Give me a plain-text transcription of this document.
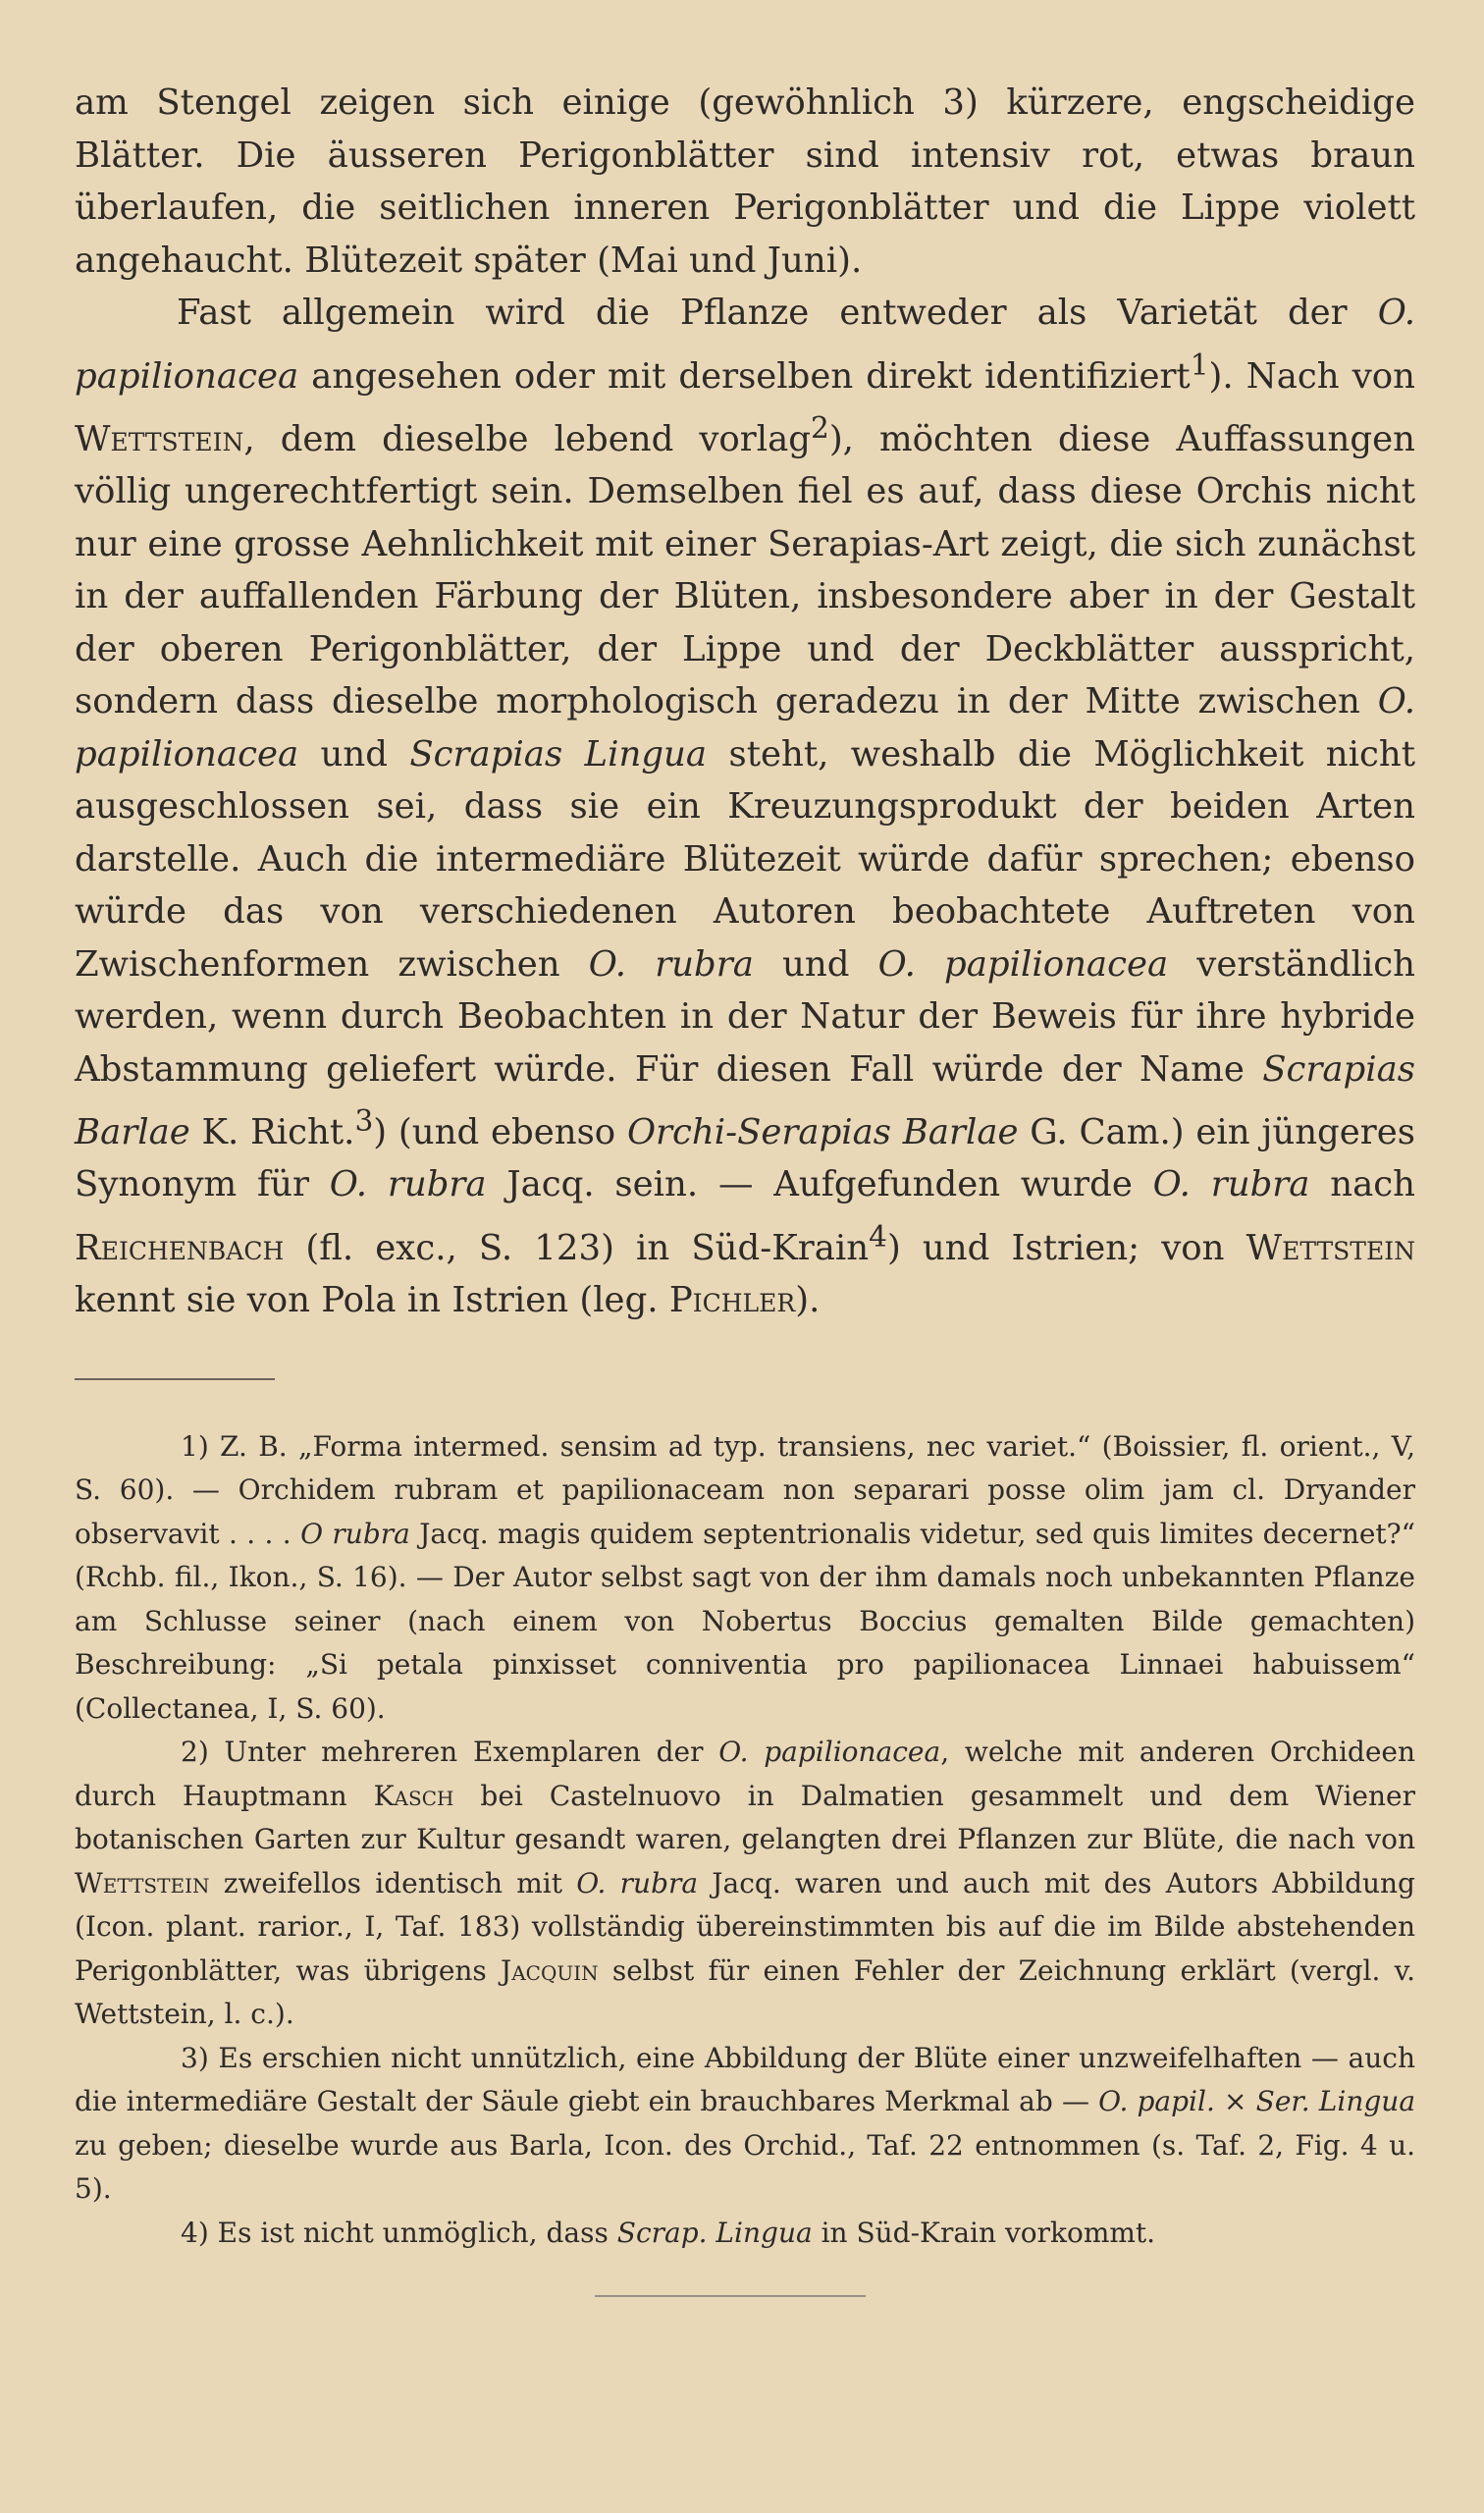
am Stengel zeigen sich einige (gewöhnlich 3) kürzere, engscheidige Blätter. Die äusseren Perigonblätter sind intensiv rot, etwas braun überlaufen, die seitlichen inneren Perigonblätter und die Lippe violett angehaucht. Blütezeit später (Mai und Juni).

Fast allgemein wird die Pflanze entweder als Varietät der O. papilionacea angesehen oder mit derselben direkt identifiziert$^1$). Nach von Wettstein, dem dieselbe lebend vorlag$^2$), möchten diese Auffassungen völlig ungerechtfertigt sein. Demselben fiel es auf, dass diese Orchis nicht nur eine grosse Aehnlichkeit mit einer Serapias-Art zeigt, die sich zunächst in der auffallenden Färbung der Blüten, insbesondere aber in der Gestalt der oberen Perigonblätter, der Lippe und der Deckblätter ausspricht, sondern dass dieselbe morphologisch geradezu in der Mitte zwischen O. papilionacea und Scrapias Lingua steht, weshalb die Möglichkeit nicht ausgeschlossen sei, dass sie ein Kreuzungsprodukt der beiden Arten darstelle. Auch die intermediäre Blütezeit würde dafür sprechen; ebenso würde das von verschiedenen Autoren beobachtete Auftreten von Zwischenformen zwischen O. rubra und O. papilionacea verständlich werden, wenn durch Beobachten in der Natur der Beweis für ihre hybride Abstammung geliefert würde. Für diesen Fall würde der Name Scrapias Barlae K. Richt.$^3$) (und ebenso Orchi-Serapias Barlae G. Cam.) ein jüngeres Synonym für O. rubra Jacq. sein. — Aufgefunden wurde O. rubra nach Reichenbach (fl. exc., S. 123) in Süd-Krain$^4$) und Istrien; von Wettstein kennt sie von Pola in Istrien (leg. Pichler).

1) Z. B. „Forma intermed. sensim ad typ. transiens, nec variet.“ (Boissier, fl. orient., V, S. 60). — Orchidem rubram et papilionaceam non separari posse olim jam cl. Dryander observavit . . . . O rubra Jacq. magis quidem septentrionalis videtur, sed quis limites decernet?“ (Rchb. fil., Ikon., S. 16). — Der Autor selbst sagt von der ihm damals noch unbekannten Pflanze am Schlusse seiner (nach einem von Nobertus Boccius gemalten Bilde gemachten) Beschreibung: „Si petala pinxisset conniventia pro papilionacea Linnaei habuissem“ (Collectanea, I, S. 60).

2) Unter mehreren Exemplaren der O. papilionacea, welche mit anderen Orchideen durch Hauptmann Kasch bei Castelnuovo in Dalmatien gesammelt und dem Wiener botanischen Garten zur Kultur gesandt waren, gelangten drei Pflanzen zur Blüte, die nach von Wettstein zweifellos identisch mit O. rubra Jacq. waren und auch mit des Autors Abbildung (Icon. plant. rarior., I, Taf. 183) vollständig übereinstimmten bis auf die im Bilde abstehenden Perigonblätter, was übrigens Jacquin selbst für einen Fehler der Zeichnung erklärt (vergl. v. Wettstein, l. c.).

3) Es erschien nicht unnützlich, eine Abbildung der Blüte einer unzweifelhaften — auch die intermediäre Gestalt der Säule giebt ein brauchbares Merkmal ab — O. papil. × Ser. Lingua zu geben; dieselbe wurde aus Barla, Icon. des Orchid., Taf. 22 entnommen (s. Taf. 2, Fig. 4 u. 5).

4) Es ist nicht unmöglich, dass Scrap. Lingua in Süd-Krain vorkommt.
